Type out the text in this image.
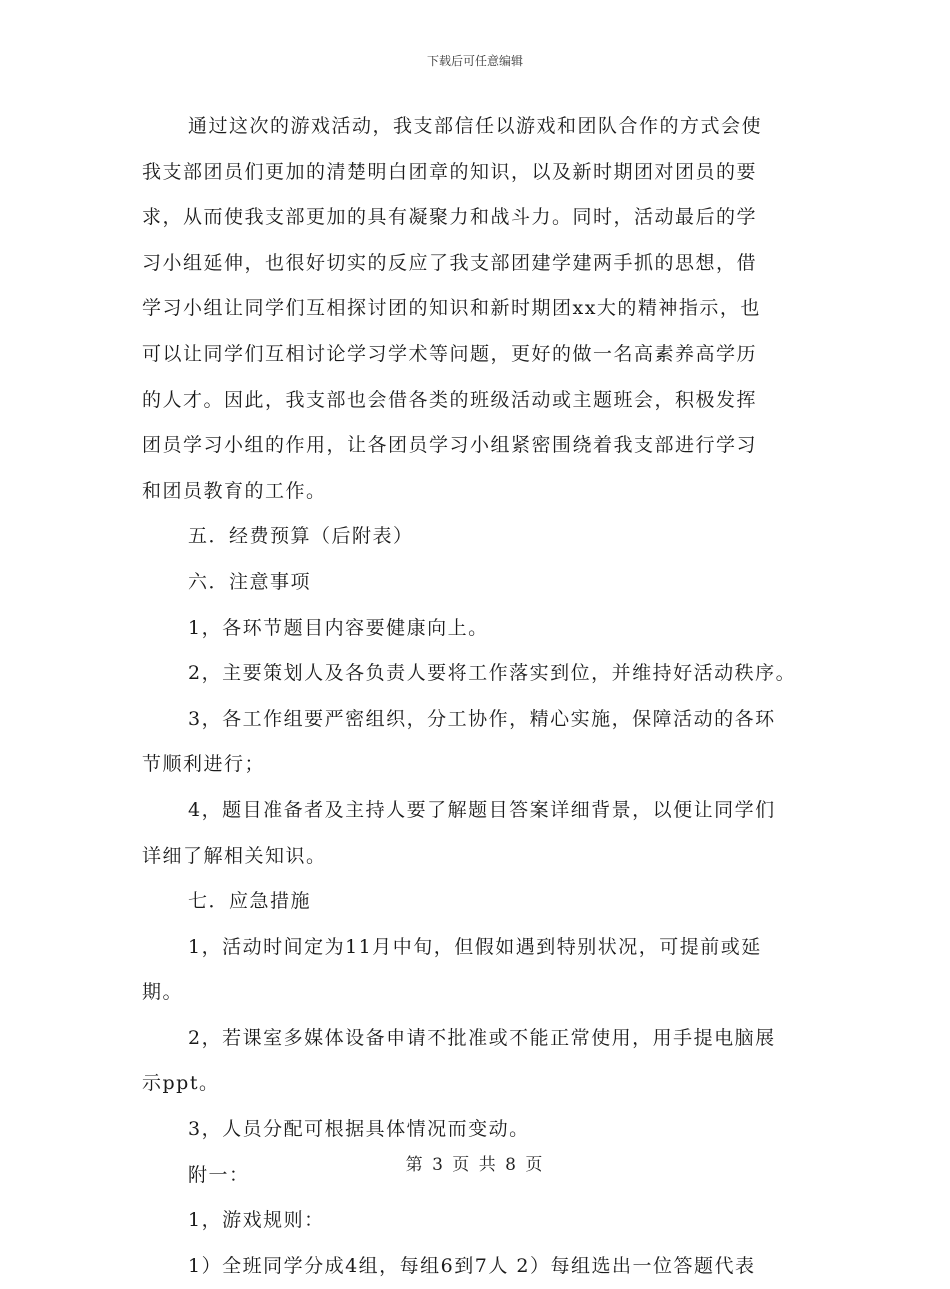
下载后可任意编辑
通过这次的游戏活动，我支部信任以游戏和团队合作的方式会使
我支部团员们更加的清楚明白团章的知识，以及新时期团对团员的要
求，从而使我支部更加的具有凝聚力和战斗力。同时，活动最后的学
习小组延伸，也很好切实的反应了我支部团建学建两手抓的思想，借
学习小组让同学们互相探讨团的知识和新时期团xx大的精神指示，也
可以让同学们互相讨论学习学术等问题，更好的做一名高素养高学历
的人才。因此，我支部也会借各类的班级活动或主题班会，积极发挥
团员学习小组的作用，让各团员学习小组紧密围绕着我支部进行学习
和团员教育的工作。
五．经费预算（后附表）
六．注意事项
1，各环节题目内容要健康向上。
2，主要策划人及各负责人要将工作落实到位，并维持好活动秩序。
3，各工作组要严密组织，分工协作，精心实施，保障活动的各环
节顺利进行；
4，题目准备者及主持人要了解题目答案详细背景，以便让同学们
详细了解相关知识。
七．应急措施
1，活动时间定为11月中旬，但假如遇到特别状况，可提前或延
期。
2，若课室多媒体设备申请不批准或不能正常使用，用手提电脑展
示ppt。
3，人员分配可根据具体情况而变动。
附一：
1，游戏规则：
1）全班同学分成4组，每组6到7人 2）每组选出一位答题代表
第 3 页 共 8 页
